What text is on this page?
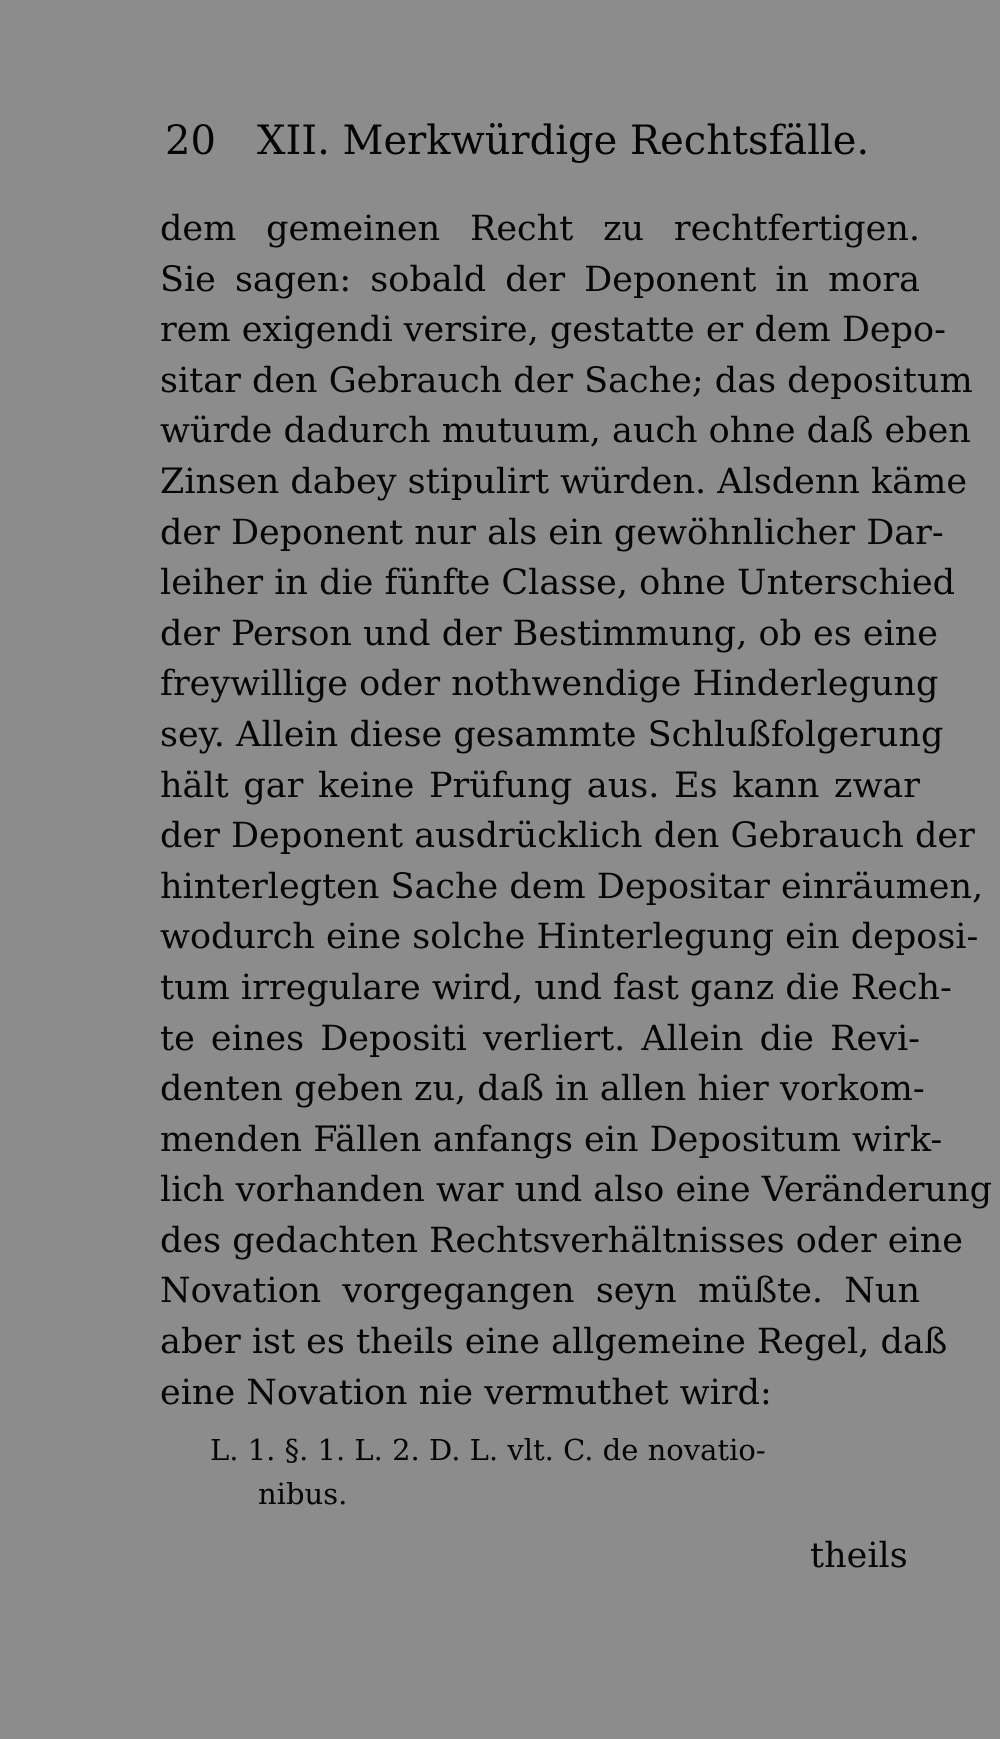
20 XII. Merkwürdige Rechtsfälle.
dem gemeinen Recht zu rechtfertigen.
Sie sagen: sobald der Deponent in mora
rem exigendi versire, gestatte er dem Depo-
sitar den Gebrauch der Sache; das depositum
würde dadurch mutuum, auch ohne daß eben
Zinsen dabey stipulirt würden. Alsdenn käme
der Deponent nur als ein gewöhnlicher Dar-
leiher in die fünfte Classe, ohne Unterschied
der Person und der Bestimmung, ob es eine
freywillige oder nothwendige Hinderlegung
sey. Allein diese gesammte Schlußfolgerung
hält gar keine Prüfung aus. Es kann zwar
der Deponent ausdrücklich den Gebrauch der
hinterlegten Sache dem Depositar einräumen,
wodurch eine solche Hinterlegung ein deposi-
tum irregulare wird, und fast ganz die Rech-
te eines Depositi verliert. Allein die Revi-
denten geben zu, daß in allen hier vorkom-
menden Fällen anfangs ein Depositum wirk-
lich vorhanden war und also eine Veränderung
des gedachten Rechtsverhältnisses oder eine
Novation vorgegangen seyn müßte. Nun
aber ist es theils eine allgemeine Regel, daß
eine Novation nie vermuthet wird:
L. 1. §. 1. L. 2. D. L. vlt. C. de novatio-
nibus.
theils
